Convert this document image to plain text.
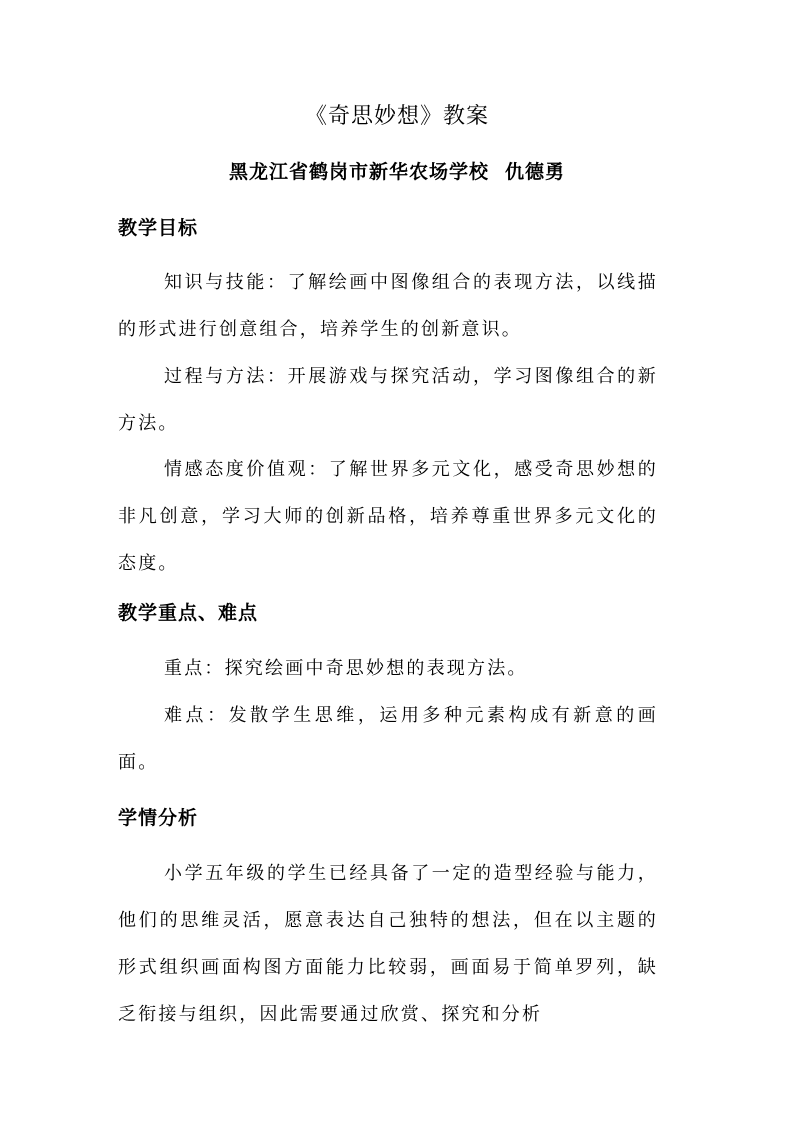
《奇思妙想》教案
黑龙江省鹤岗市新华农场学校 仇德勇
教学目标
知识与技能：了解绘画中图像组合的表现方法，以线描的形式进行创意组合，培养学生的创新意识。
过程与方法：开展游戏与探究活动，学习图像组合的新方法。
情感态度价值观：了解世界多元文化，感受奇思妙想的非凡创意，学习大师的创新品格，培养尊重世界多元文化的态度。
教学重点、难点
重点：探究绘画中奇思妙想的表现方法。
难点：发散学生思维，运用多种元素构成有新意的画面。
学情分析
小学五年级的学生已经具备了一定的造型经验与能力，他们的思维灵活，愿意表达自己独特的想法，但在以主题的形式组织画面构图方面能力比较弱，画面易于简单罗列，缺乏衔接与组织，因此需要通过欣赏、探究和分析
